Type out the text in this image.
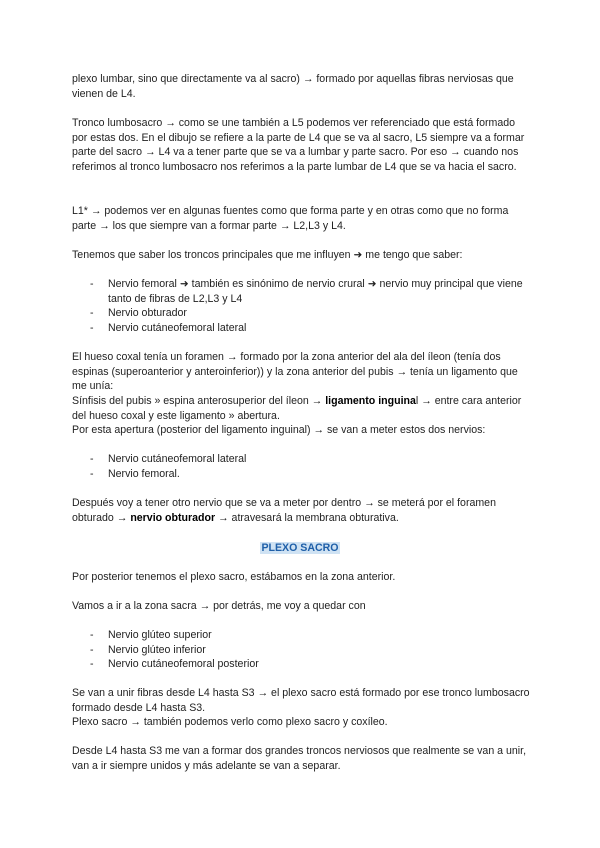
plexo lumbar, sino que directamente va al sacro) → formado por aquellas fibras nerviosas que vienen de L4.

Tronco lumbosacro → como se une también a L5 podemos ver referenciado que está formado por estas dos. En el dibujo se refiere a la parte de L4 que se va al sacro, L5 siempre va a formar parte del sacro → L4 va a tener parte que se va a lumbar y parte sacro. Por eso → cuando nos referimos al tronco lumbosacro nos referimos a la parte lumbar de L4 que se va hacia el sacro.

L1* → podemos ver en algunas fuentes como que forma parte y en otras como que no forma parte → los que siempre van a formar parte → L2,L3 y L4.

Tenemos que saber los troncos principales que me influyen ➜ me tengo que saber:

- Nervio femoral ➜ también es sinónimo de nervio crural ➜ nervio muy principal que viene tanto de fibras de L2,L3 y L4
- Nervio obturador
- Nervio cutáneofemoral lateral

El hueso coxal tenía un foramen → formado por la zona anterior del ala del íleon (tenía dos espinas (superoanterior y anteroinferior)) y la zona anterior del pubis → tenía un ligamento que me unía:

Sínfisis del pubis » espina anterosuperior del íleon → ligamento inguinal → entre cara anterior del hueso coxal y este ligamento » abertura.

Por esta apertura (posterior del ligamento inguinal) → se van a meter estos dos nervios:

- Nervio cutáneofemoral lateral
- Nervio femoral.

Después voy a tener otro nervio que se va a meter por dentro → se meterá por el foramen obturado → nervio obturador → atravesará la membrana obturativa.

PLEXO SACRO

Por posterior tenemos el plexo sacro, estábamos en la zona anterior.

Vamos a ir a la zona sacra → por detrás, me voy a quedar con

- Nervio glúteo superior
- Nervio glúteo inferior
- Nervio cutáneofemoral posterior

Se van a unir fibras desde L4 hasta S3 → el plexo sacro está formado por ese tronco lumbosacro formado desde L4 hasta S3.

Plexo sacro → también podemos verlo como plexo sacro y coxíleo.

Desde L4 hasta S3 me van a formar dos grandes troncos nerviosos que realmente se van a unir, van a ir siempre unidos y más adelante se van a separar.
